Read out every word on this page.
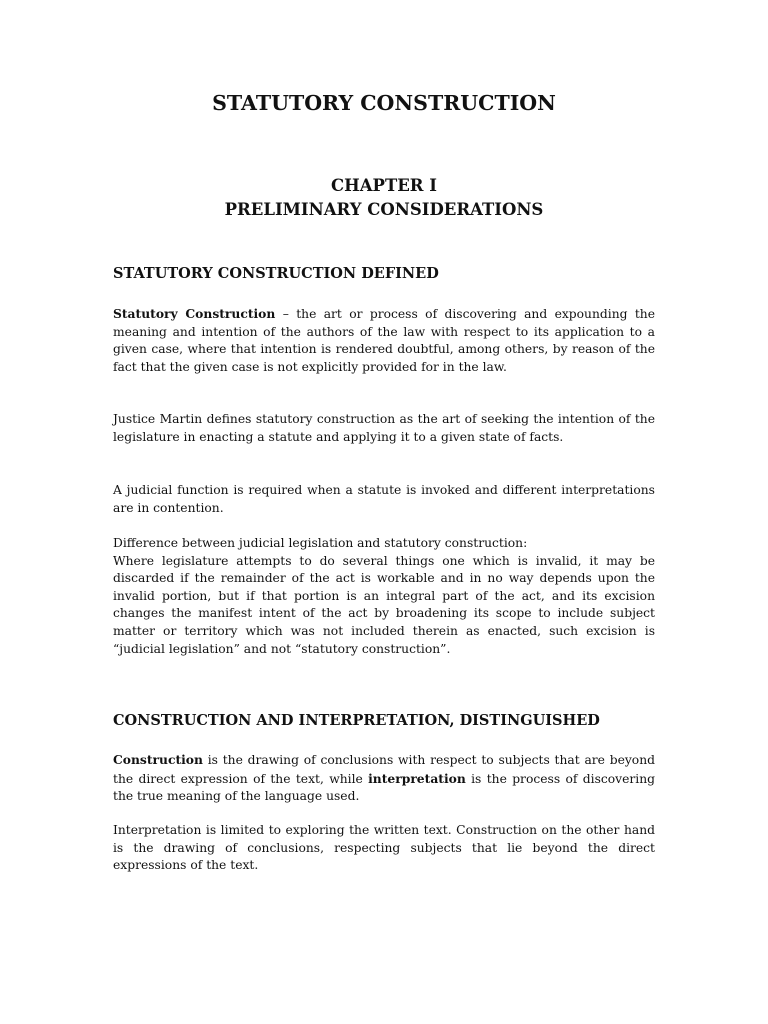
STATUTORY CONSTRUCTION
CHAPTER I
PRELIMINARY CONSIDERATIONS
STATUTORY CONSTRUCTION DEFINED

Statutory Construction – the art or process of discovering and expounding the meaning and intention of the authors of the law with respect to its application to a given case, where that intention is rendered doubtful, among others, by reason of the fact that the given case is not explicitly provided for in the law.

Justice Martin defines statutory construction as the art of seeking the intention of the legislature in enacting a statute and applying it to a given state of facts.

A judicial function is required when a statute is invoked and different interpretations are in contention.

Difference between judicial legislation and statutory construction:
Where legislature attempts to do several things one which is invalid, it may be discarded if the remainder of the act is workable and in no way depends upon the invalid portion, but if that portion is an integral part of the act, and its excision changes the manifest intent of the act by broadening its scope to include subject matter or territory which was not included therein as enacted, such excision is “judicial legislation” and not “statutory construction”.

CONSTRUCTION AND INTERPRETATION, DISTINGUISHED

Construction is the drawing of conclusions with respect to subjects that are beyond the direct expression of the text, while interpretation is the process of discovering the true meaning of the language used.

Interpretation is limited to exploring the written text. Construction on the other hand is the drawing of conclusions, respecting subjects that lie beyond the direct expressions of the text.
